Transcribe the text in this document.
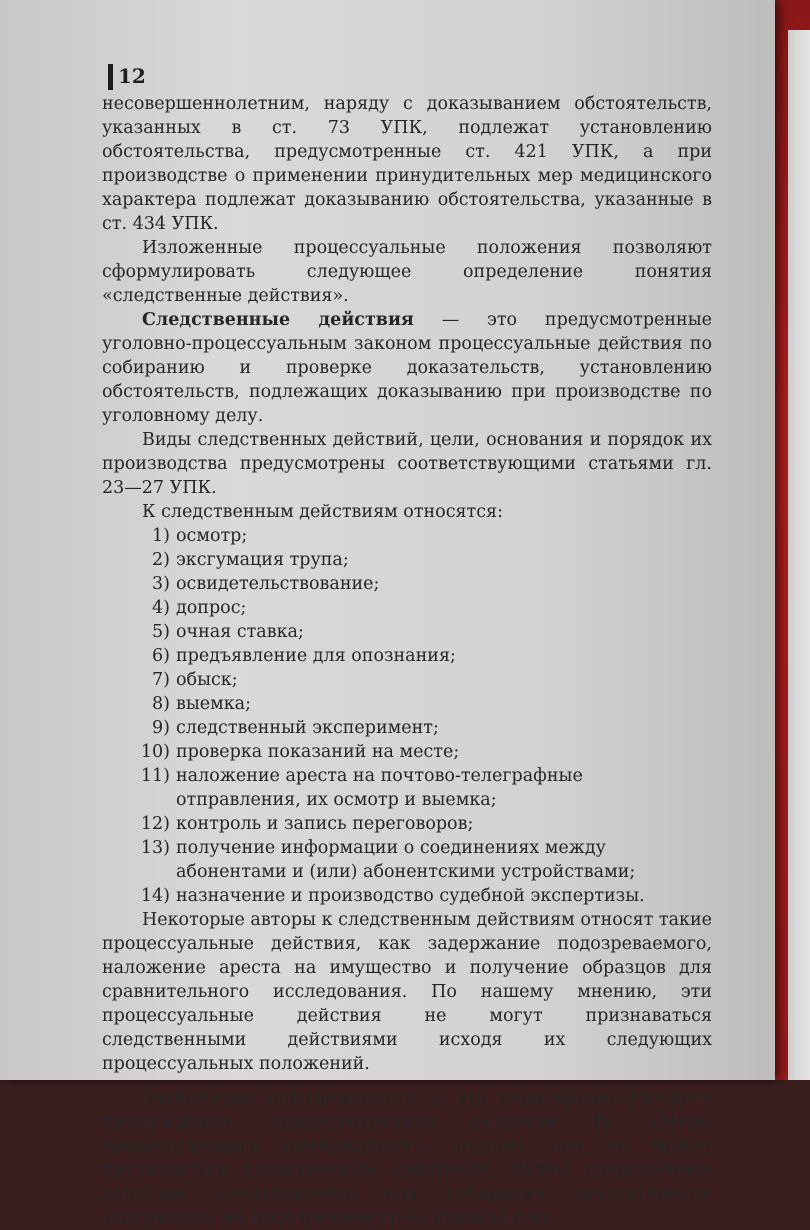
12

несовершеннолетним, наряду с доказыванием обстоятельств, указанных в ст. 73 УПК, подлежат установлению обстоятельства, предусмотренные ст. 421 УПК, а при производстве о применении принудительных мер медицинского характера подлежат доказыванию обстоятельства, указанные в ст. 434 УПК.

Изложенные процессуальные положения позволяют сформулировать следующее определение понятия «следственные действия».

Следственные действия — это предусмотренные уголовно-процессуальным законом процессуальные действия по собиранию и проверке доказательств, установлению обстоятельств, подлежащих доказыванию при производстве по уголовному делу.

Виды следственных действий, цели, основания и порядок их производства предусмотрены соответствующими статьями гл. 23—27 УПК.

К следственным действиям относятся:

1) осмотр;
2) эксгумация трупа;
3) освидетельствование;
4) допрос;
5) очная ставка;
6) предъявление для опознания;
7) обыск;
8) выемка;
9) следственный эксперимент;
10) проверка показаний на месте;
11) наложение ареста на почтово-телеграфные отправления, их осмотр и выемка;
12) контроль и запись переговоров;
13) получение информации о соединениях между абонентами и (или) абонентскими устройствами;
14) назначение и производство судебной экспертизы.

Некоторые авторы к следственным действиям относят такие процессуальные действия, как задержание подозреваемого, наложение ареста на имущество и получение образцов для сравнительного исследования. По нашему мнению, эти процессуальные действия не могут признаваться следственными действиями исходя их следующих процессуальных положений.

Задержание подозреваемого — это мера процессуального принуждения, предусмотренная разделом IV «Меры процессуального принуждения», поэтому оно не может признаваться следственным действием. Любое следственное действие предназначено для собирания доказательств, задержание же подозреваемого не связано с их
